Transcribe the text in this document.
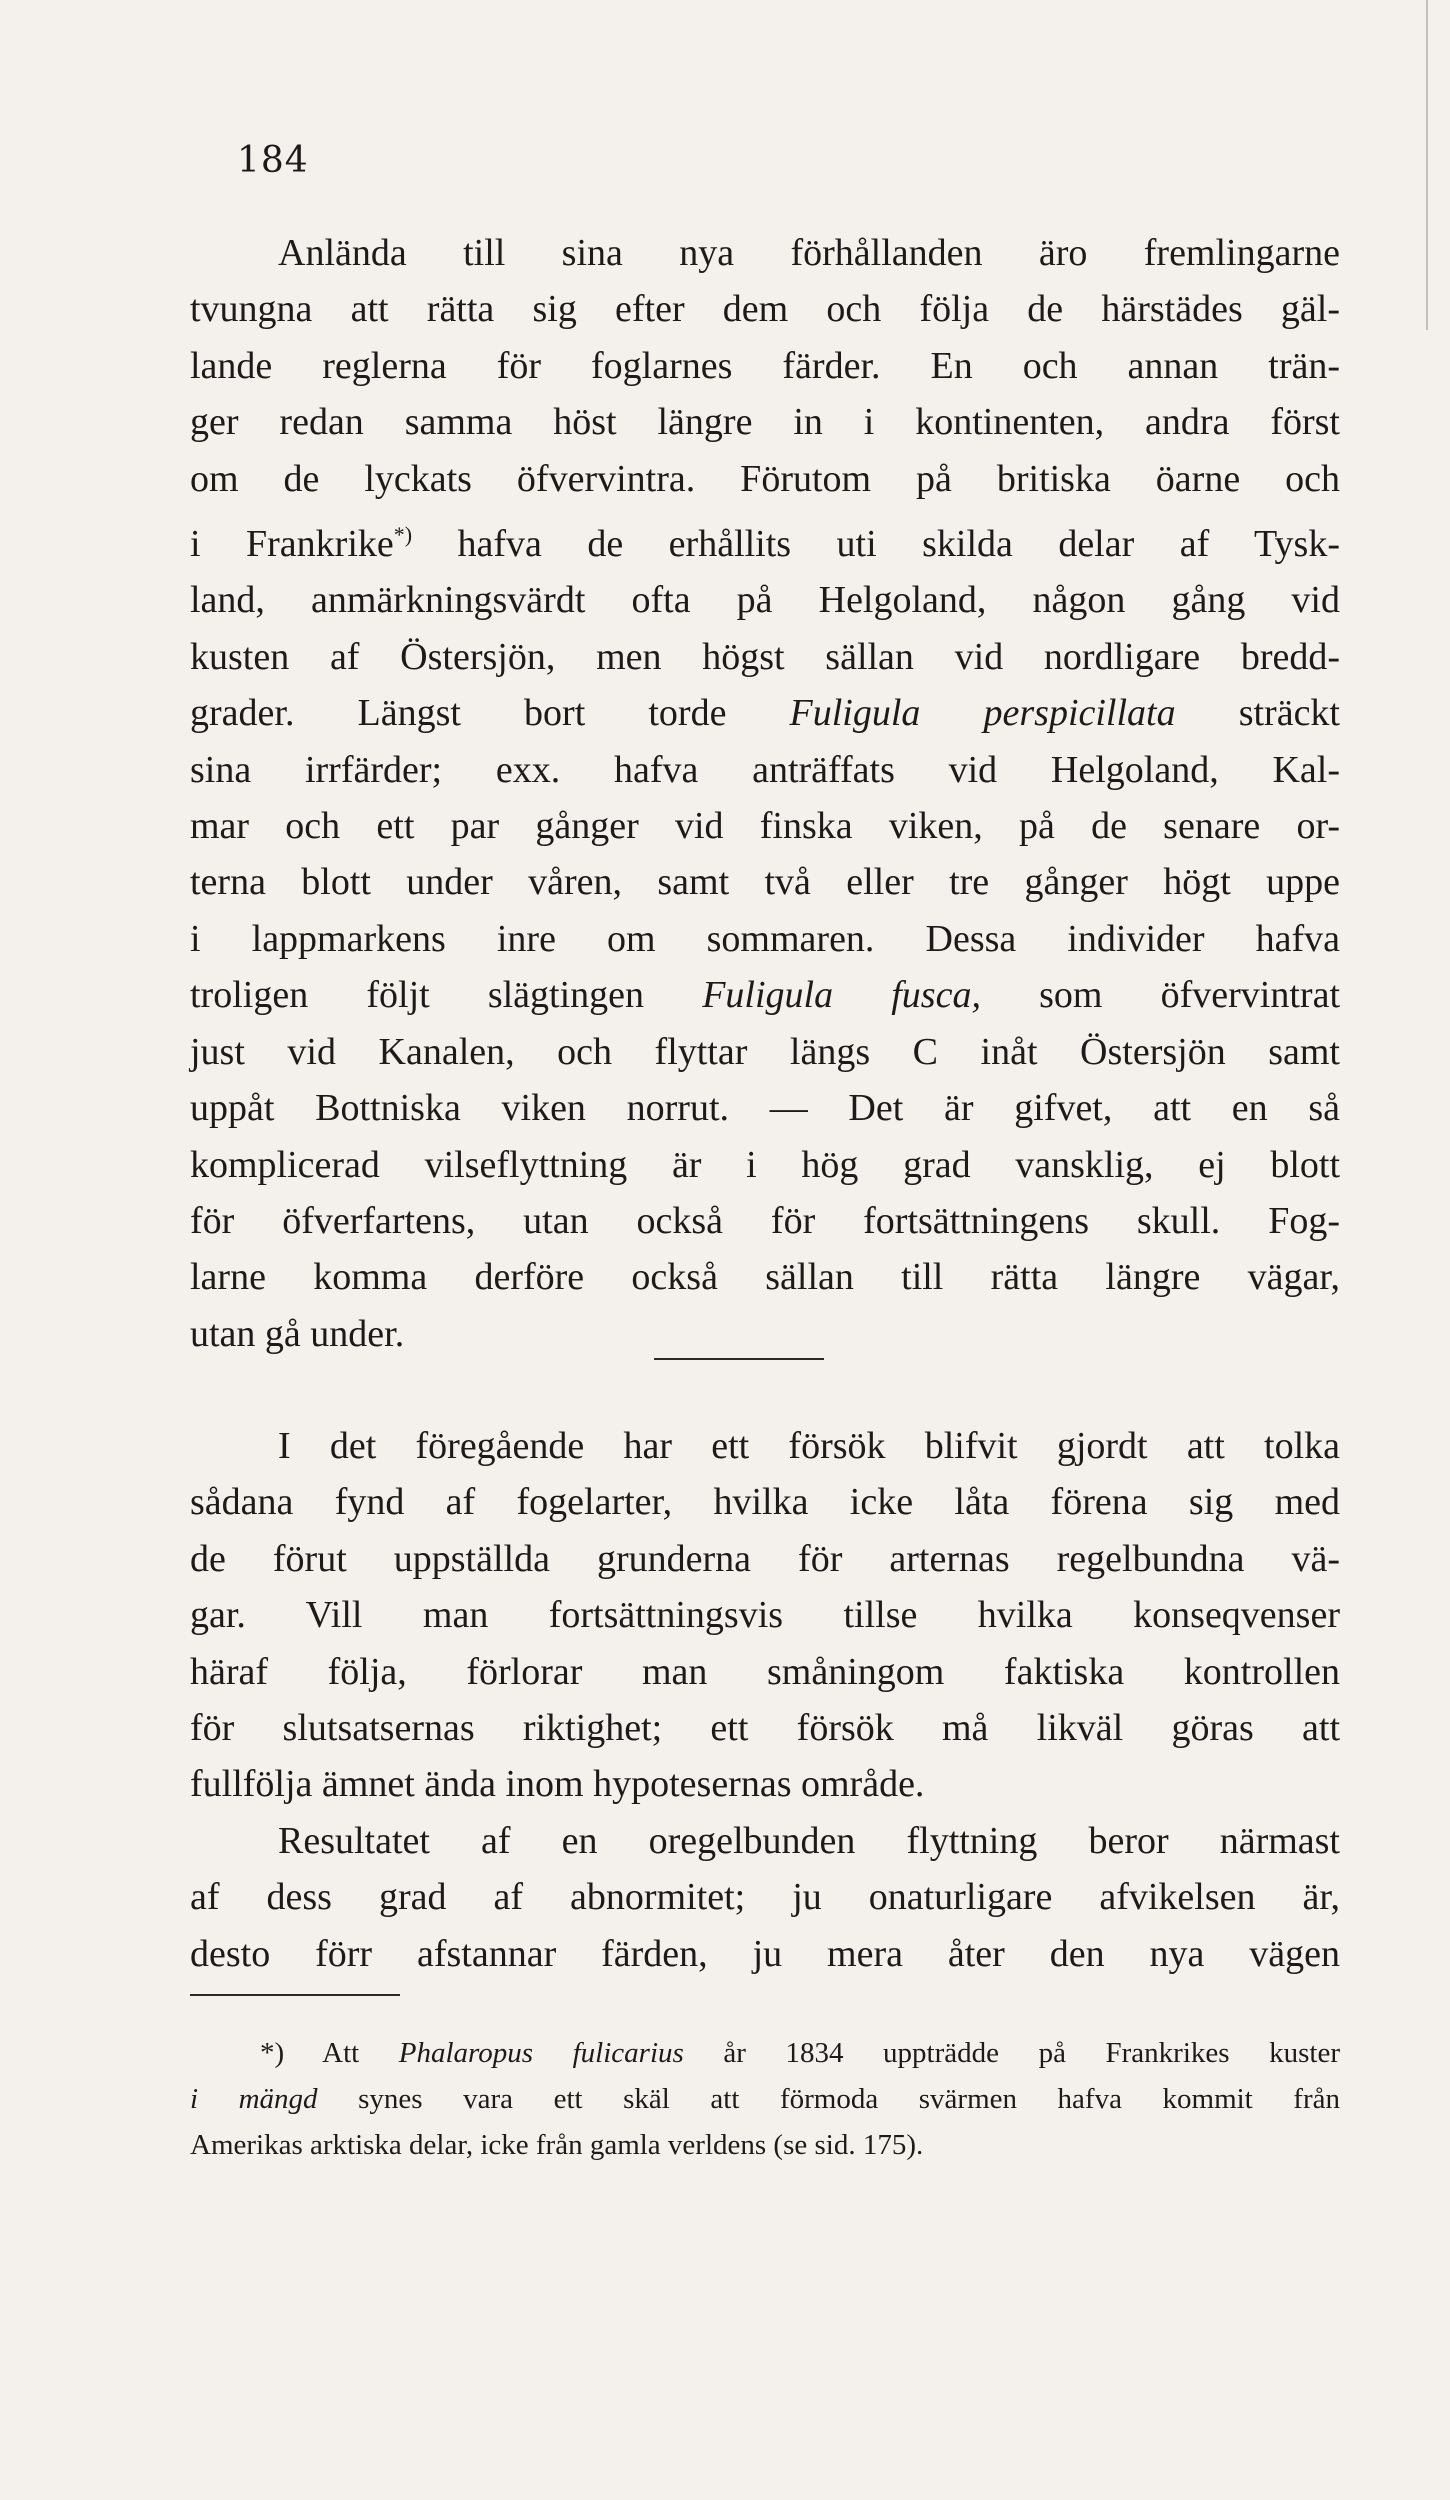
184
Anlända till sina nya förhållanden äro fremlingarne
tvungna att rätta sig efter dem och följa de härstädes gäl-
lande reglerna för foglarnes färder. En och annan trän-
ger redan samma höst längre in i kontinenten, andra först
om de lyckats öfvervintra. Förutom på britiska öarne och
i Frankrike*) hafva de erhållits uti skilda delar af Tysk-
land, anmärkningsvärdt ofta på Helgoland, någon gång vid
kusten af Östersjön, men högst sällan vid nordligare bredd-
grader. Längst bort torde Fuligula perspicillata sträckt
sina irrfärder; exx. hafva anträffats vid Helgoland, Kal-
mar och ett par gånger vid finska viken, på de senare or-
terna blott under våren, samt två eller tre gånger högt uppe
i lappmarkens inre om sommaren. Dessa individer hafva
troligen följt slägtingen Fuligula fusca, som öfvervintrat
just vid Kanalen, och flyttar längs C inåt Östersjön samt
uppåt Bottniska viken norrut. — Det är gifvet, att en så
komplicerad vilseflyttning är i hög grad vansklig, ej blott
för öfverfartens, utan också för fortsättningens skull. Fog-
larne komma derföre också sällan till rätta längre vägar,
utan gå under.
I det föregående har ett försök blifvit gjordt att tolka
sådana fynd af fogelarter, hvilka icke låta förena sig med
de förut uppställda grunderna för arternas regelbundna vä-
gar. Vill man fortsättningsvis tillse hvilka konseqvenser
häraf följa, förlorar man småningom faktiska kontrollen
för slutsatsernas riktighet; ett försök må likväl göras att
fullfölja ämnet ända inom hypotesernas område.
Resultatet af en oregelbunden flyttning beror närmast
af dess grad af abnormitet; ju onaturligare afvikelsen är,
desto förr afstannar färden, ju mera åter den nya vägen
*) Att Phalaropus fulicarius år 1834 uppträdde på Frankrikes kuster
i mängd synes vara ett skäl att förmoda svärmen hafva kommit från
Amerikas arktiska delar, icke från gamla verldens (se sid. 175).
